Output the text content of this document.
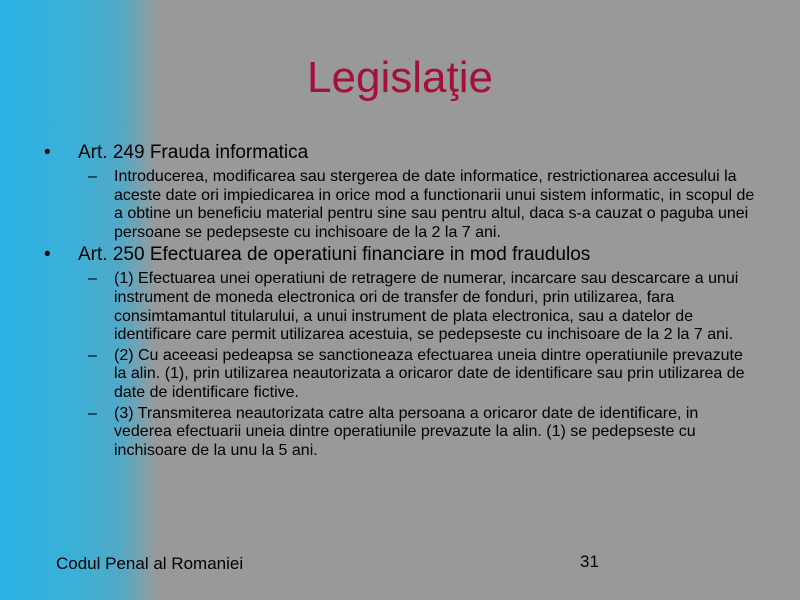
Legislaţie
• Art. 249 Frauda informatica
– Introducerea, modificarea sau stergerea de date informatice, restrictionarea accesului la aceste date ori impiedicarea in orice mod a functionarii unui sistem informatic, in scopul de a obtine un beneficiu material pentru sine sau pentru altul, daca s-a cauzat o paguba unei persoane se pedepseste cu inchisoare de la 2 la 7 ani.
• Art. 250 Efectuarea de operatiuni financiare in mod fraudulos
– (1) Efectuarea unei operatiuni de retragere de numerar, incarcare sau descarcare a unui instrument de moneda electronica ori de transfer de fonduri, prin utilizarea, fara consimtamantul titularului, a unui instrument de plata electronica, sau a datelor de identificare care permit utilizarea acestuia, se pedepseste cu inchisoare de la 2 la 7 ani.
– (2) Cu aceeasi pedeapsa se sanctioneaza efectuarea uneia dintre operatiunile prevazute la alin. (1), prin utilizarea neautorizata a oricaror date de identificare sau prin utilizarea de date de identificare fictive.
– (3) Transmiterea neautorizata catre alta persoana a oricaror date de identificare, in vederea efectuarii uneia dintre operatiunile prevazute la alin. (1) se pedepseste cu inchisoare de la unu la 5 ani.
Codul Penal al Romaniei	31
